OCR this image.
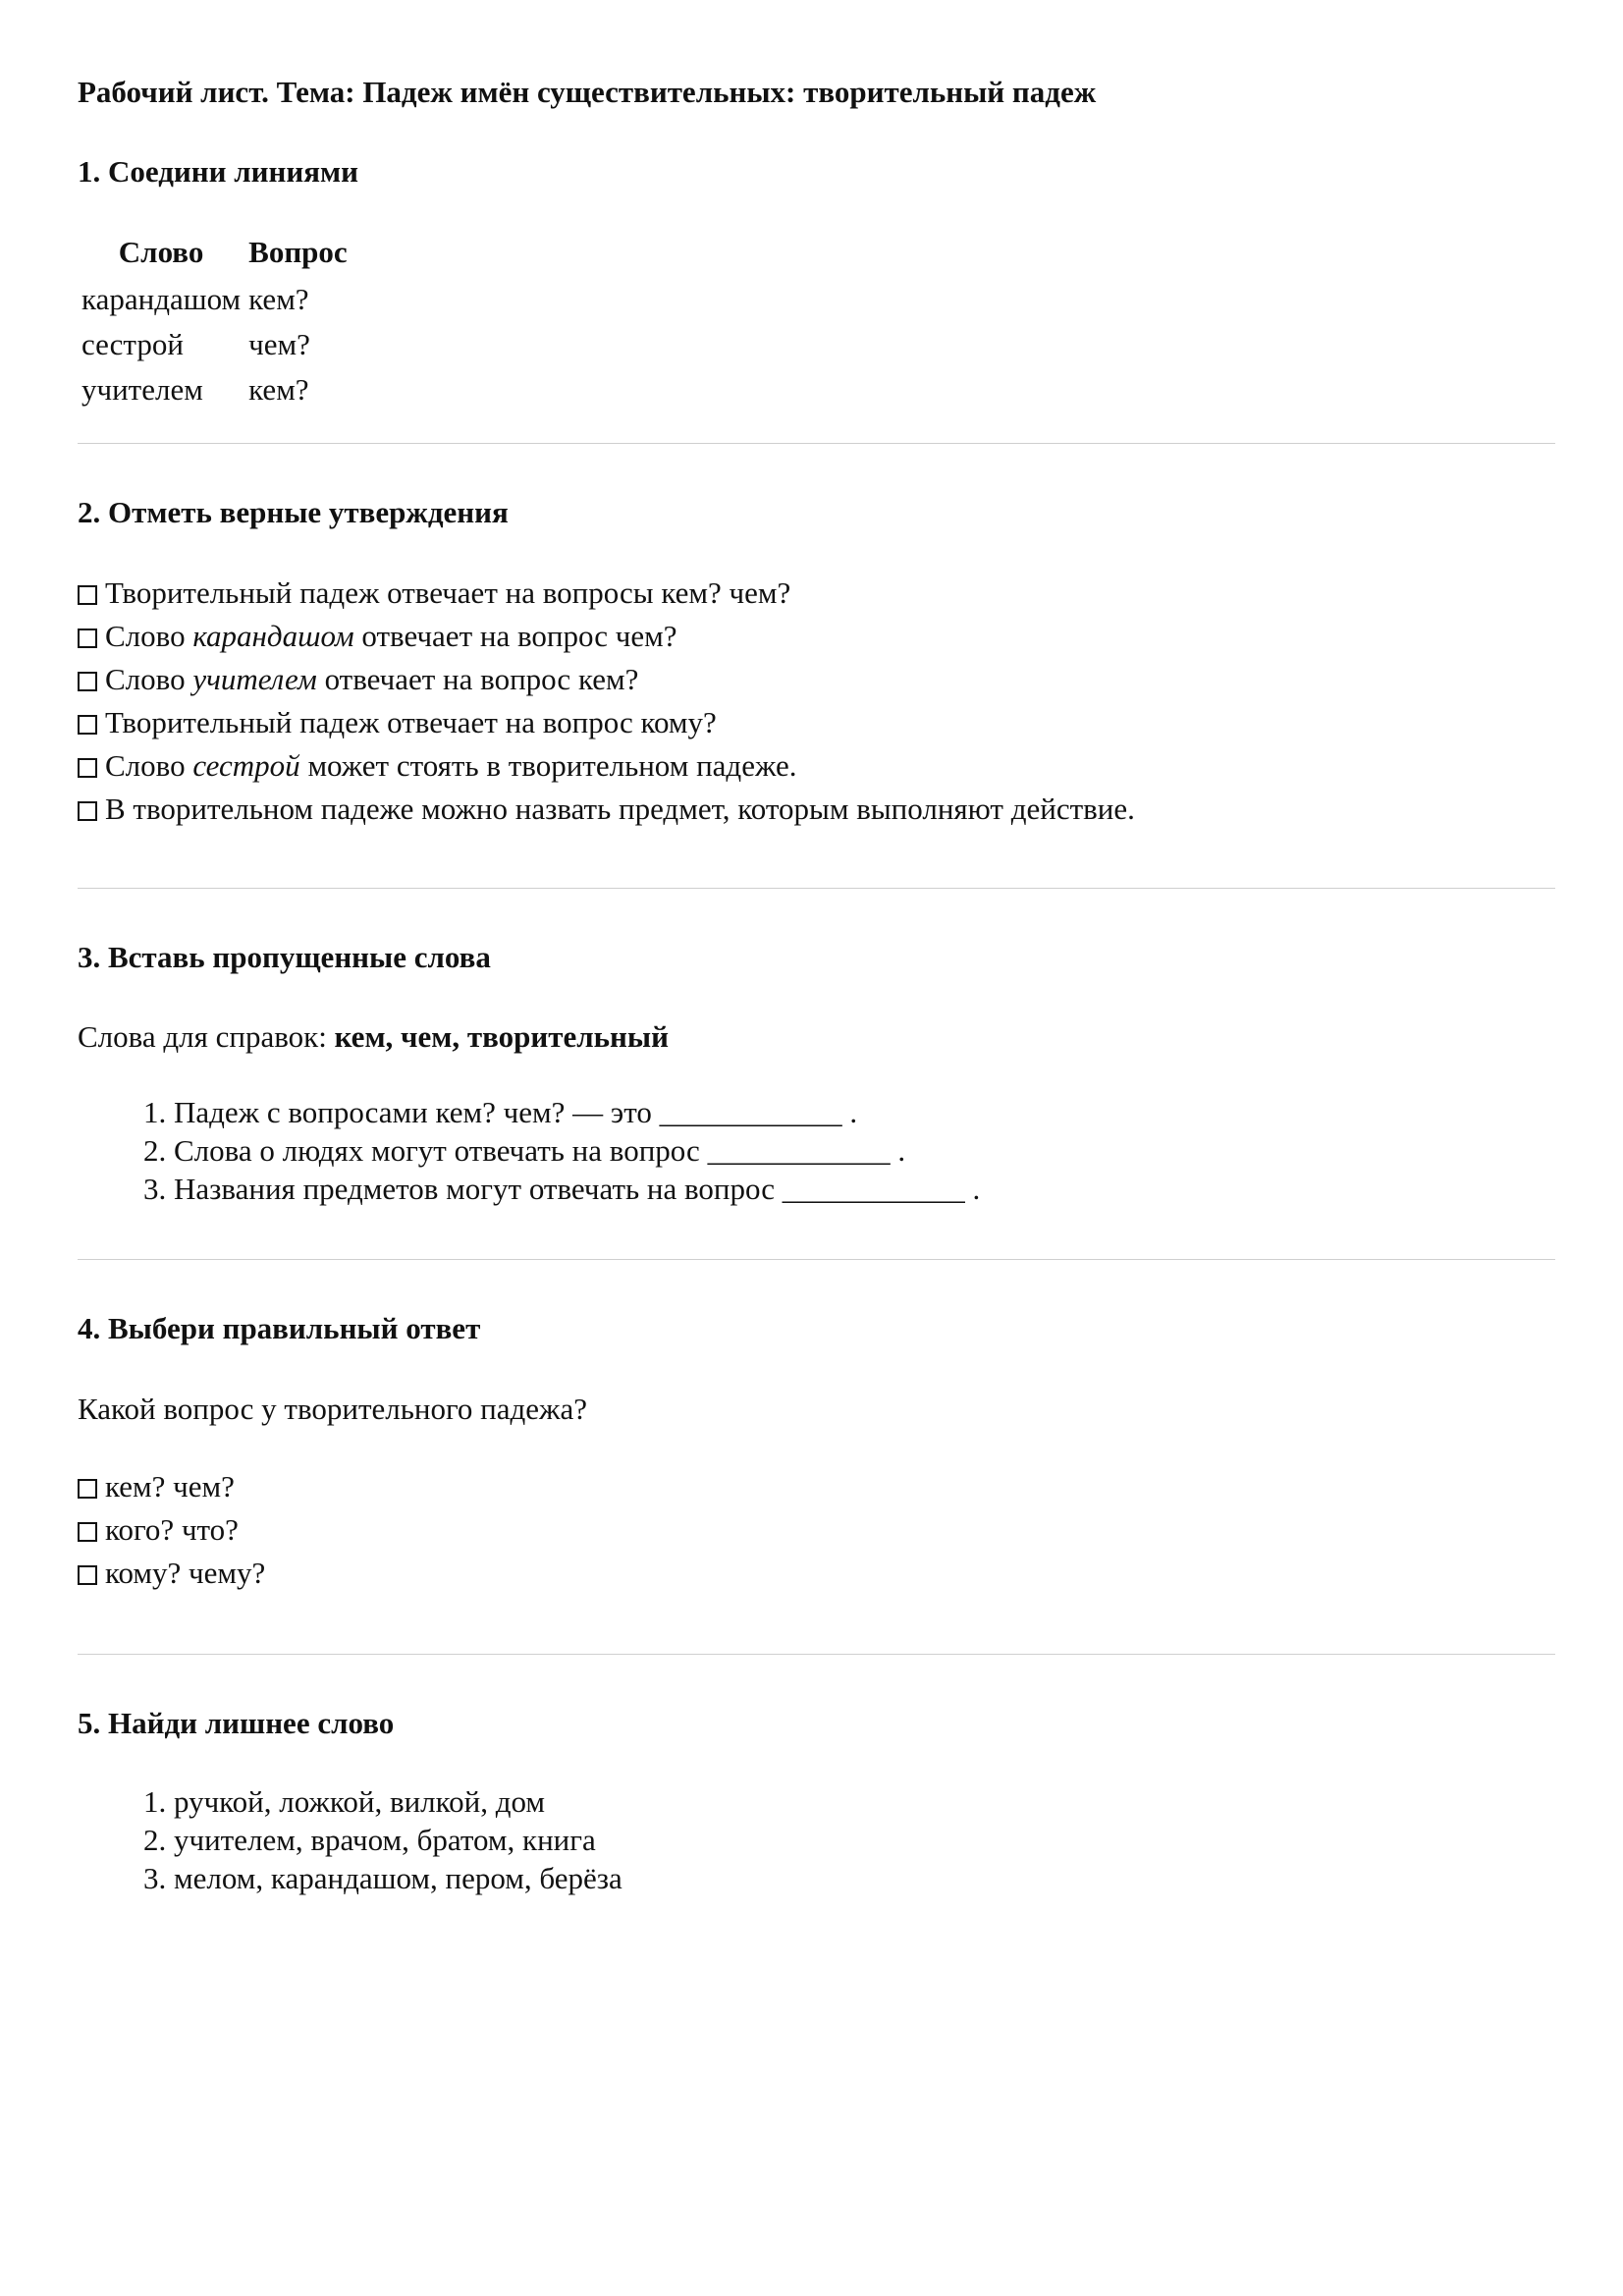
Рабочий лист. Тема: Падеж имён существительных: творительный падеж

1. Соедини линиями
Слово	Вопрос
карандашом	кем?
сестрой	чем?
учителем	кем?
2. Отметь верные утверждения
Творительный падеж отвечает на вопросы кем? чем?
Слово карандашом отвечает на вопрос чем?
Слово учителем отвечает на вопрос кем?
Творительный падеж отвечает на вопрос кому?
Слово сестрой может стоять в творительном падеже.
В творительном падеже можно назвать предмет, которым выполняют действие.
3. Вставь пропущенные слова

Слова для справок: кем, чем, творительный

1. Падеж с вопросами кем? чем? — это ____________ .
2. Слова о людях могут отвечать на вопрос ____________ .
3. Названия предметов могут отвечать на вопрос ____________ .
4. Выбери правильный ответ

Какой вопрос у творительного падежа?

кем? чем?
кого? что?
кому? чему?
5. Найди лишнее слово
1. ручкой, ложкой, вилкой, дом
2. учителем, врачом, братом, книга
3. мелом, карандашом, пером, берёза
